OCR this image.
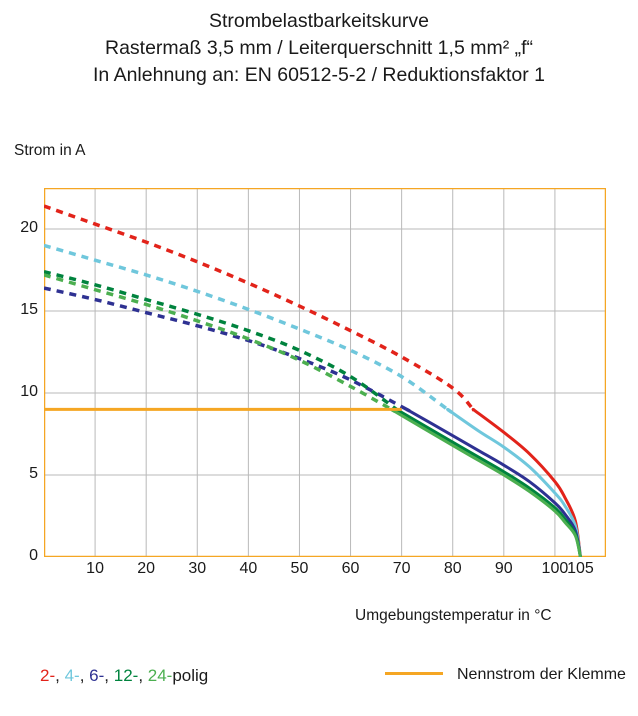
Strombelastbarkeitskurve
Rastermaß 3,5 mm / Leiterquerschnitt 1,5 mm² „f“
In Anlehnung an: EN 60512-5-2 / Reduktionsfaktor 1
Strom in A
Umgebungstemperatur in °C
0
5
10
15
20
10	20	30	40	50	60	70	80	90	100
105
2-, 4-, 6-, 12-, 24-polig	Nennstrom der Klemme
